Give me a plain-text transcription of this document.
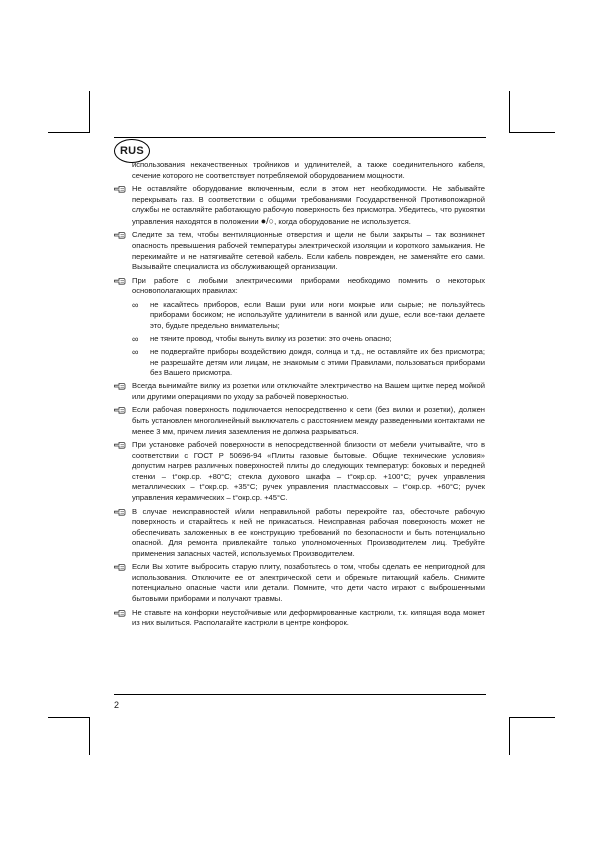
RUS

использования некачественных тройников и удлинителей, а также соединительного кабеля, сечение которого не соответствует потребляемой оборудованием мощности.

Не оставляйте оборудование включенным, если в этом нет необходимости. Не забывайте перекрывать газ. В соответствии с общими требованиями Государственной Противопожарной службы не оставляйте работающую рабочую поверхность без присмотра. Убедитесь, что рукоятки управления находятся в положении ●/○, когда оборудование не используется.

Следите за тем, чтобы вентиляционные отверстия и щели не были закрыты – так возникнет опасность превышения рабочей температуры электрической изоляции и короткого замыкания. Не перекимайте и не натягивайте сетевой кабель. Если кабель поврежден, не заменяйте его сами. Вызывайте специалиста из обслуживающей организации.

При работе с любыми электрическими приборами необходимо помнить о некоторых основополагающих правилах:

∞ не касайтесь приборов, если Ваши руки или ноги мокрые или сырые; не пользуйтесь приборами босиком; не используйте удлинители в ванной или душе, если все-таки делаете это, будьте предельно внимательны;

∞ не тяните провод, чтобы вынуть вилку из розетки: это очень опасно;

∞ не подвергайте приборы воздействию дождя, солнца и т.д., не оставляйте их без присмотра; не разрешайте детям или лицам, не знакомым с этими Правилами, пользоваться приборами без Вашего присмотра.

Всегда вынимайте вилку из розетки или отключайте электричество на Вашем щитке перед мойкой или другими операциями по уходу за рабочей поверхностью.

Если рабочая поверхность подключается непосредственно к сети (без вилки и розетки), должен быть установлен многолинейный выключатель с расстоянием между разведенными контактами не менее 3 мм, причем линия заземления не должна разрываться.

При установке рабочей поверхности в непосредственной близости от мебели учитывайте, что в соответствии с ГОСТ Р 50696-94 «Плиты газовые бытовые. Общие технические условия» допустим нагрев различных поверхностей плиты до следующих температур: боковых и передней стенки – t°окр.ср. +80°С; стекла духового шкафа – t°окр.ср. +100°С; ручек управления металлических – t°окр.ср. +35°С; ручек управления пластмассовых – t°окр.ср. +60°С; ручек управления керамических – t°окр.ср. +45°С.

В случае неисправностей и/или неправильной работы перекройте газ, обесточьте рабочую поверхность и старайтесь к ней не прикасаться. Неисправная рабочая поверхность может не обеспечивать заложенных в ее конструкцию требований по безопасности и быть потенциально опасной. Для ремонта привлекайте только уполномоченных Производителем лиц. Требуйте применения запасных частей, используемых Производителем.

Если Вы хотите выбросить старую плиту, позаботьтесь о том, чтобы сделать ее непригодной для использования. Отключите ее от электрической сети и обрежьте питающий кабель. Снимите потенциально опасные части или детали. Помните, что дети часто играют с выброшенными бытовыми приборами и получают травмы.

Не ставьте на конфорки неустойчивые или деформированные кастрюли, т.к. кипящая вода может из них вылиться. Располагайте кастрюли в центре конфорок.

2
